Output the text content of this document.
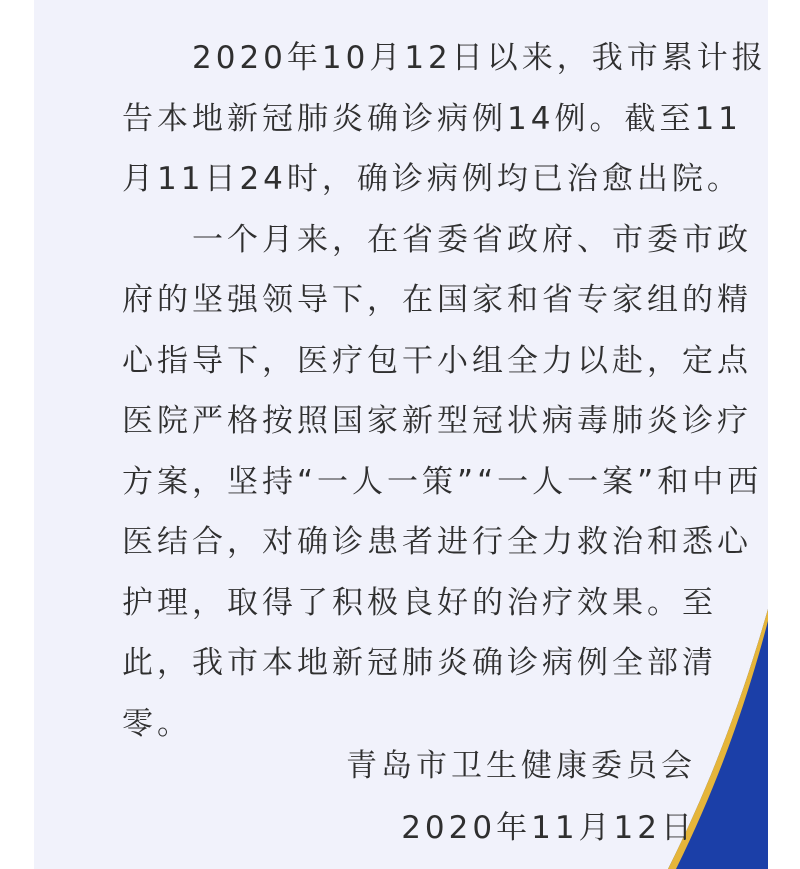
2020年10月12日以来，我市累计报告本地新冠肺炎确诊病例14例。截至11月11日24时，确诊病例均已治愈出院。

一个月来，在省委省政府、市委市政府的坚强领导下，在国家和省专家组的精心指导下，医疗包干小组全力以赴，定点医院严格按照国家新型冠状病毒肺炎诊疗方案，坚持“一人一策”“一人一案”和中西医结合，对确诊患者进行全力救治和悉心护理，取得了积极良好的治疗效果。至此，我市本地新冠肺炎确诊病例全部清零。

青岛市卫生健康委员会
2020年11月12日
